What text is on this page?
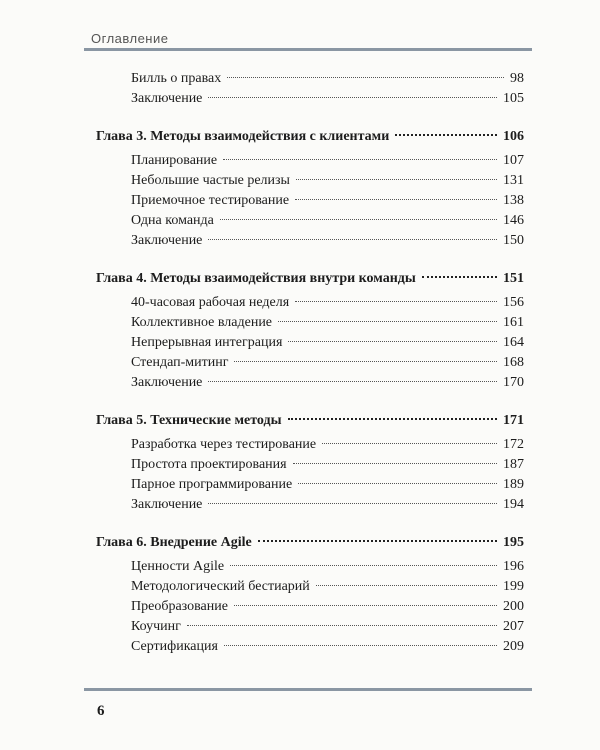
Оглавление
Билль о правах	98
Заключение	105
Глава 3. Методы взаимодействия с клиентами	106
Планирование	107
Небольшие частые релизы	131
Приемочное тестирование	138
Одна команда	146
Заключение	150
Глава 4. Методы взаимодействия внутри команды	151
40-часовая рабочая неделя	156
Коллективное владение	161
Непрерывная интеграция	164
Стендап-митинг	168
Заключение	170
Глава 5. Технические методы	171
Разработка через тестирование	172
Простота проектирования	187
Парное программирование	189
Заключение	194
Глава 6. Внедрение Agile	195
Ценности Agile	196
Методологический бестиарий	199
Преобразование	200
Коучинг	207
Сертификация	209
6
